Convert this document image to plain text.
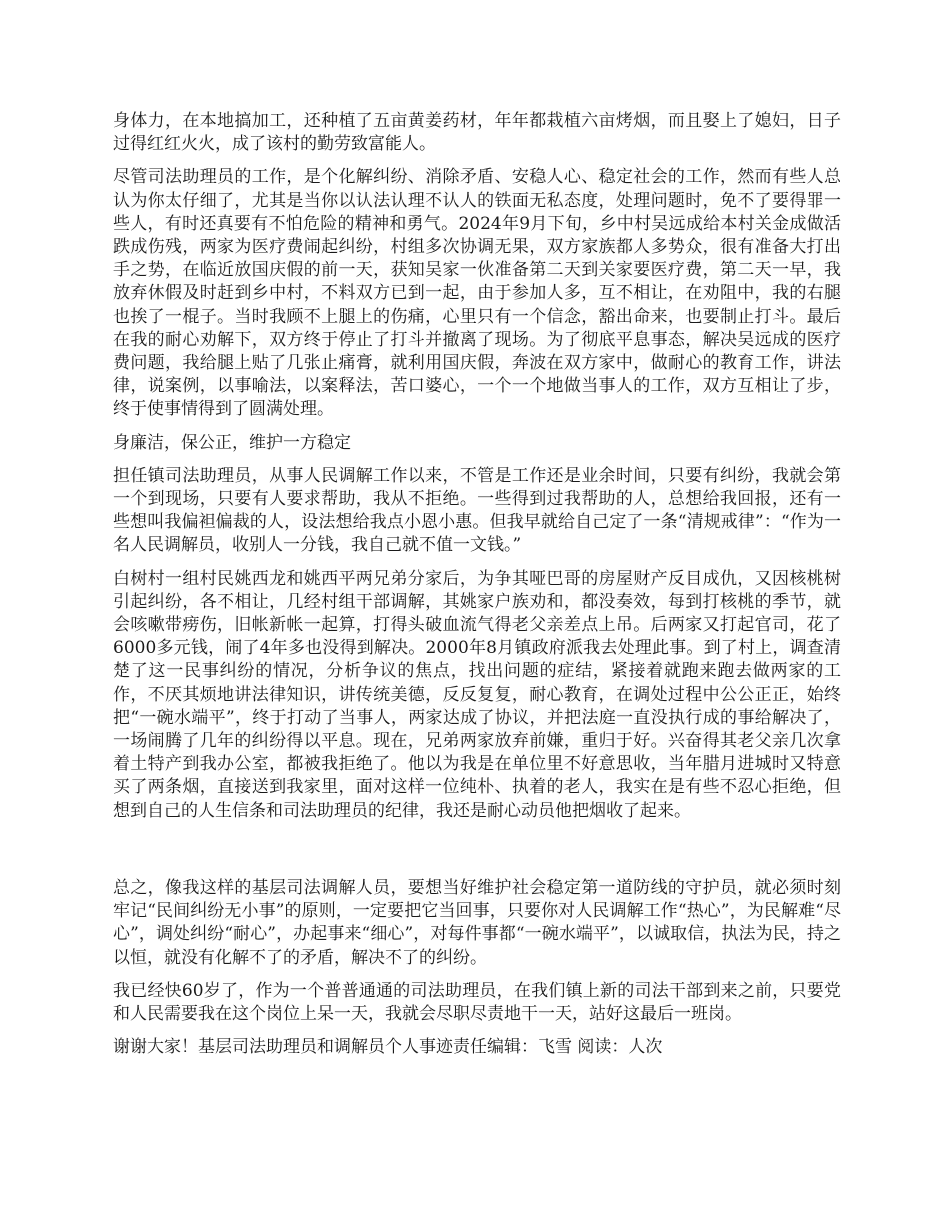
身体力，在本地搞加工，还种植了五亩黄姜药材，年年都栽植六亩烤烟，而且娶上了媳妇，日子过得红红火火，成了该村的勤劳致富能人。

尽管司法助理员的工作，是个化解纠纷、消除矛盾、安稳人心、稳定社会的工作，然而有些人总认为你太仔细了，尤其是当你以认法认理不认人的铁面无私态度，处理问题时，免不了要得罪一些人，有时还真要有不怕危险的精神和勇气。2024年9月下旬，乡中村吴远成给本村关金成做活跌成伤残，两家为医疗费闹起纠纷，村组多次协调无果，双方家族都人多势众，很有准备大打出手之势，在临近放国庆假的前一天，获知吴家一伙准备第二天到关家要医疗费，第二天一早，我放弃休假及时赶到乡中村，不料双方已到一起，由于参加人多，互不相让，在劝阻中，我的右腿也挨了一棍子。当时我顾不上腿上的伤痛，心里只有一个信念，豁出命来，也要制止打斗。最后在我的耐心劝解下，双方终于停止了打斗并撤离了现场。为了彻底平息事态，解决吴远成的医疗费问题，我给腿上贴了几张止痛膏，就利用国庆假，奔波在双方家中，做耐心的教育工作，讲法律，说案例，以事喻法，以案释法，苦口婆心，一个一个地做当事人的工作，双方互相让了步，终于使事情得到了圆满处理。

身廉洁，保公正，维护一方稳定

担任镇司法助理员，从事人民调解工作以来，不管是工作还是业余时间，只要有纠纷，我就会第一个到现场，只要有人要求帮助，我从不拒绝。一些得到过我帮助的人，总想给我回报，还有一些想叫我偏袒偏裁的人，设法想给我点小恩小惠。但我早就给自己定了一条“清规戒律”：“作为一名人民调解员，收别人一分钱，我自己就不值一文钱。”

白树村一组村民姚西龙和姚西平两兄弟分家后，为争其哑巴哥的房屋财产反目成仇，又因核桃树引起纠纷，各不相让，几经村组干部调解，其姚家户族劝和，都没奏效，每到打核桃的季节，就会咳嗽带痨伤，旧帐新帐一起算，打得头破血流气得老父亲差点上吊。后两家又打起官司，花了6000多元钱，闹了4年多也没得到解决。2000年8月镇政府派我去处理此事。到了村上，调查清楚了这一民事纠纷的情况，分析争议的焦点，找出问题的症结，紧接着就跑来跑去做两家的工作，不厌其烦地讲法律知识，讲传统美德，反反复复，耐心教育，在调处过程中公公正正，始终把“一碗水端平”，终于打动了当事人，两家达成了协议，并把法庭一直没执行成的事给解决了，一场闹腾了几年的纠纷得以平息。现在，兄弟两家放弃前嫌，重归于好。兴奋得其老父亲几次拿着土特产到我办公室，都被我拒绝了。他以为我是在单位里不好意思收，当年腊月进城时又特意买了两条烟，直接送到我家里，面对这样一位纯朴、执着的老人，我实在是有些不忍心拒绝，但想到自己的人生信条和司法助理员的纪律，我还是耐心动员他把烟收了起来。

总之，像我这样的基层司法调解人员，要想当好维护社会稳定第一道防线的守护员，就必须时刻牢记“民间纠纷无小事”的原则，一定要把它当回事，只要你对人民调解工作“热心”，为民解难“尽心”，调处纠纷“耐心”，办起事来“细心”，对每件事都“一碗水端平”，以诚取信，执法为民，持之以恒，就没有化解不了的矛盾，解决不了的纠纷。

我已经快60岁了，作为一个普普通通的司法助理员，在我们镇上新的司法干部到来之前，只要党和人民需要我在这个岗位上呆一天，我就会尽职尽责地干一天，站好这最后一班岗。

谢谢大家！基层司法助理员和调解员个人事迹责任编辑：飞雪 阅读：人次
